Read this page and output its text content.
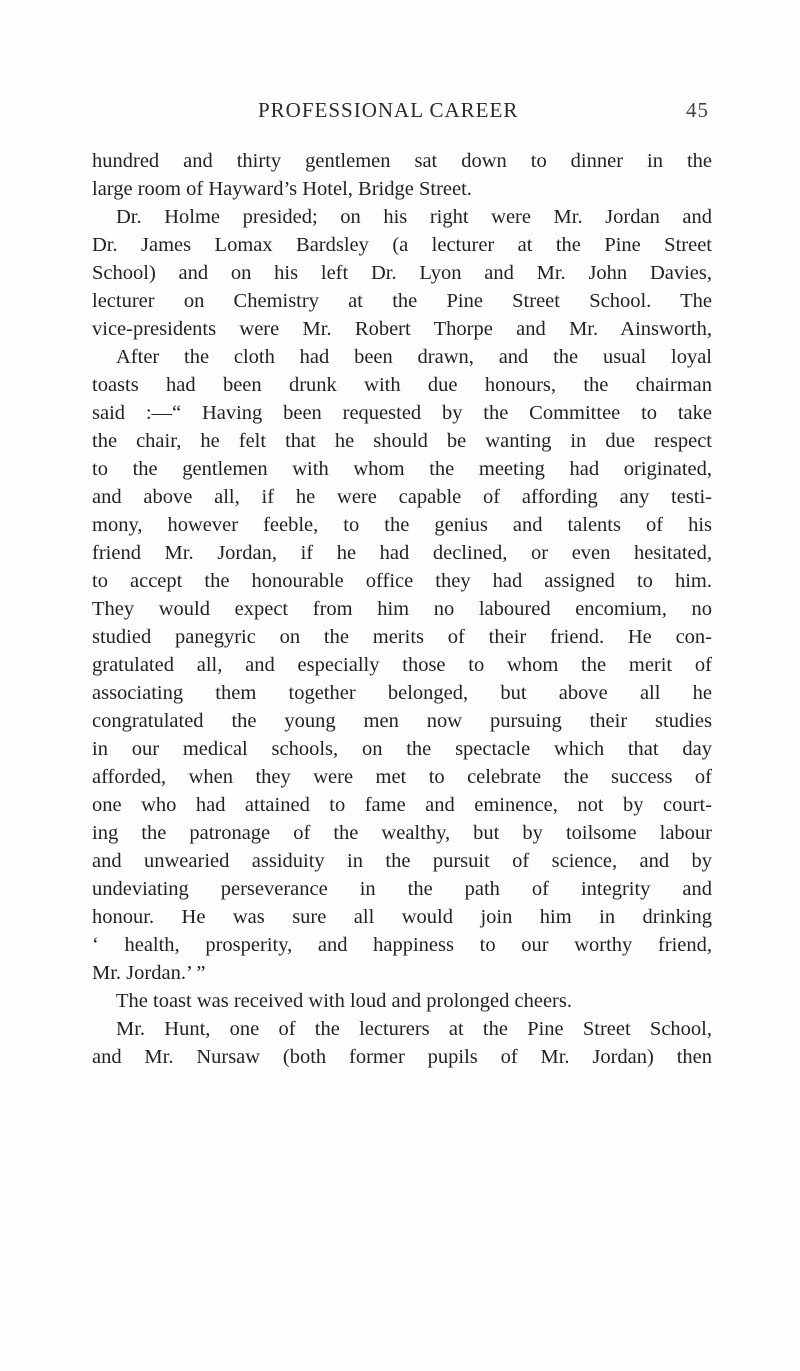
PROFESSIONAL CAREER	45
hundred and thirty gentlemen sat down to dinner in the
large room of Hayward’s Hotel, Bridge Street.
Dr. Holme presided; on his right were Mr. Jordan and
Dr. James Lomax Bardsley (a lecturer at the Pine Street
School) and on his left Dr. Lyon and Mr. John Davies,
lecturer on Chemistry at the Pine Street School. The
vice-presidents were Mr. Robert Thorpe and Mr. Ainsworth,
After the cloth had been drawn, and the usual loyal
toasts had been drunk with due honours, the chairman
said :—“ Having been requested by the Committee to take
the chair, he felt that he should be wanting in due respect
to the gentlemen with whom the meeting had originated,
and above all, if he were capable of affording any testi-
mony, however feeble, to the genius and talents of his
friend Mr. Jordan, if he had declined, or even hesitated,
to accept the honourable office they had assigned to him.
They would expect from him no laboured encomium, no
studied panegyric on the merits of their friend. He con-
gratulated all, and especially those to whom the merit of
associating them together belonged, but above all he
congratulated the young men now pursuing their studies
in our medical schools, on the spectacle which that day
afforded, when they were met to celebrate the success of
one who had attained to fame and eminence, not by court-
ing the patronage of the wealthy, but by toilsome labour
and unwearied assiduity in the pursuit of science, and by
undeviating perseverance in the path of integrity and
honour. He was sure all would join him in drinking
‘ health, prosperity, and happiness to our worthy friend,
Mr. Jordan.’ ”
The toast was received with loud and prolonged cheers.
Mr. Hunt, one of the lecturers at the Pine Street School,
and Mr. Nursaw (both former pupils of Mr. Jordan) then
